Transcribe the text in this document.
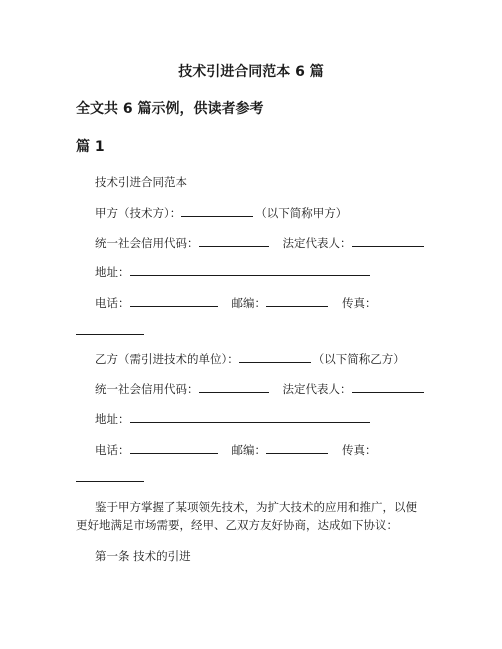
技术引进合同范本 6 篇
全文共 6 篇示例，供读者参考
篇 1
技术引进合同范本
甲方（技术方）：	（以下简称甲方）
统一社会信用代码：	法定代表人：
地址：
电话：	邮编：	传真：
乙方（需引进技术的单位）：	（以下简称乙方）
统一社会信用代码：	法定代表人：
地址：
电话：	邮编：	传真：
鉴于甲方掌握了某项领先技术，为扩大技术的应用和推广，以便
更好地满足市场需要，经甲、乙双方友好协商，达成如下协议：
第一条 技术的引进
